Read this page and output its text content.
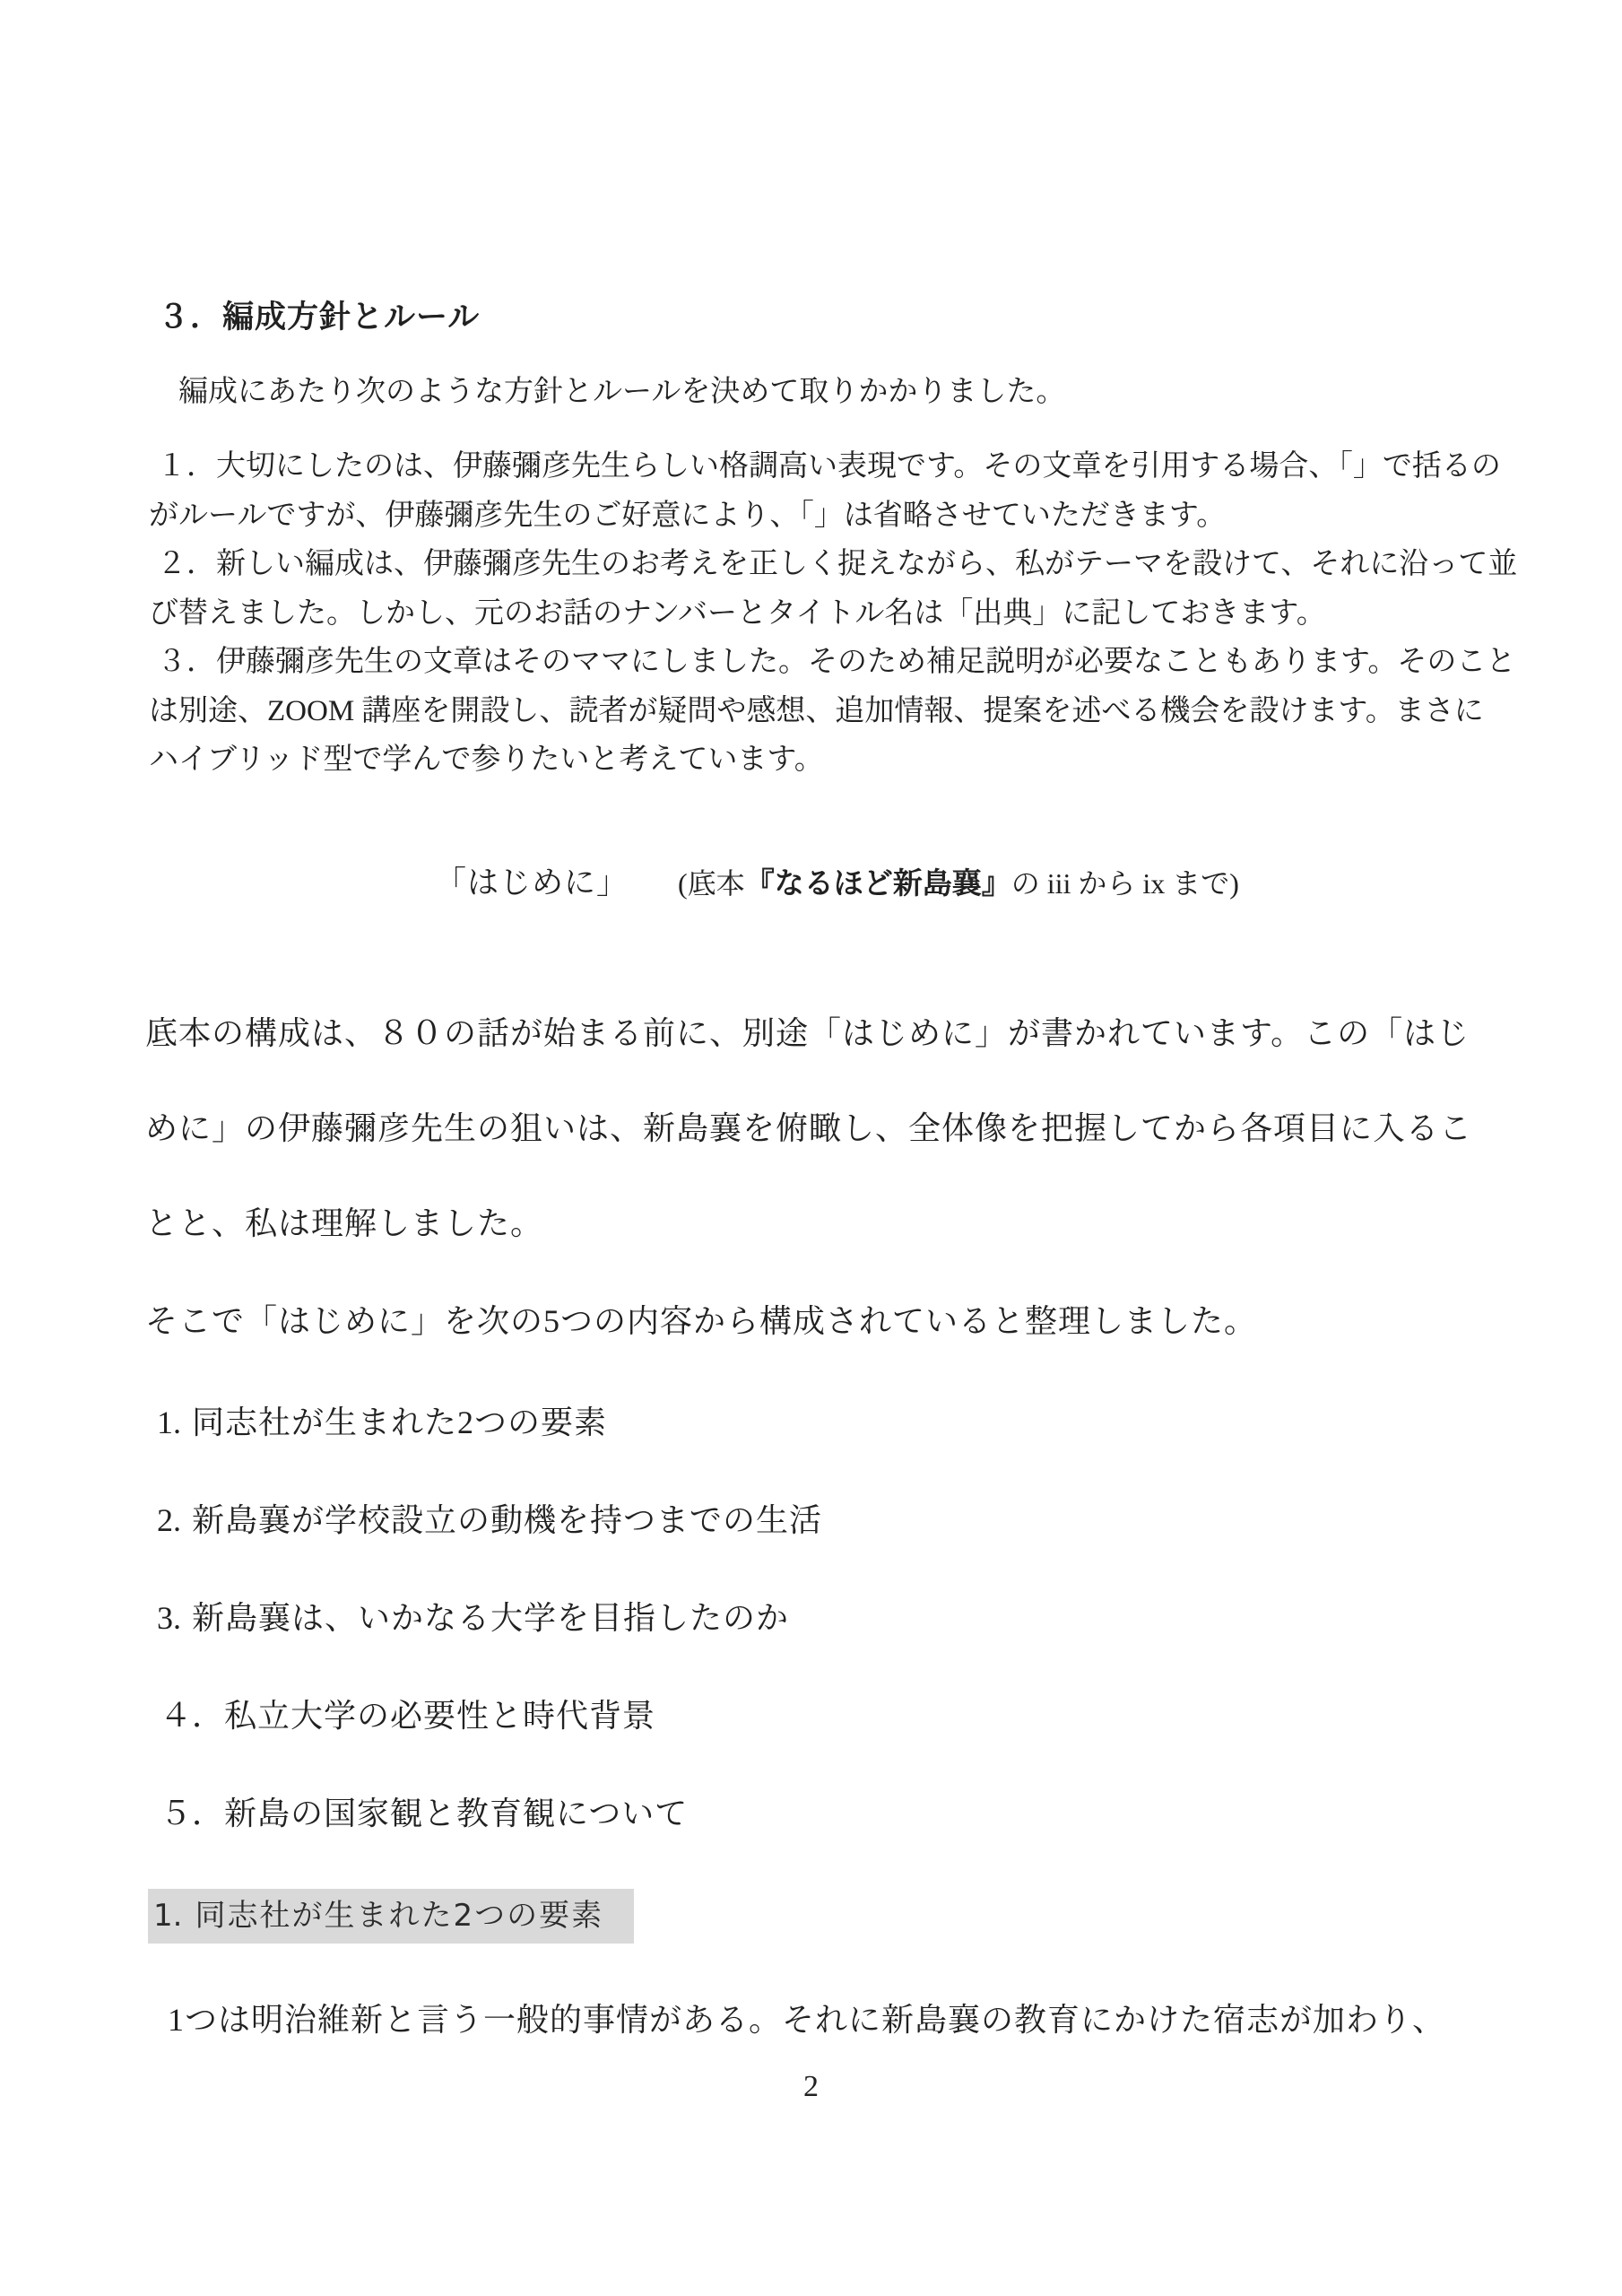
３．編成方針とルール

編成にあたり次のような方針とルールを決めて取りかかりました。

１．大切にしたのは、伊藤彌彦先生らしい格調高い表現です。その文章を引用する場合、「」で括るの
がルールですが、伊藤彌彦先生のご好意により、「」は省略させていただきます。
２．新しい編成は、伊藤彌彦先生のお考えを正しく捉えながら、私がテーマを設けて、それに沿って並
び替えました。しかし、元のお話のナンバーとタイトル名は「出典」に記しておきます。
３．伊藤彌彦先生の文章はそのママにしました。そのため補足説明が必要なこともあります。そのこと
は別途、ZOOM 講座を開設し、読者が疑問や感想、追加情報、提案を述べる機会を設けます。まさに
ハイブリッド型で学んで参りたいと考えています。
「はじめに」 (底本『なるほど新島襄』の iii から ix まで)
底本の構成は、８０の話が始まる前に、別途「はじめに」が書かれています。この「はじ
めに」の伊藤彌彦先生の狙いは、新島襄を俯瞰し、全体像を把握してから各項目に入るこ
とと、私は理解しました。

そこで「はじめに」を次の5つの内容から構成されていると整理しました。

1. 同志社が生まれた2つの要素
2. 新島襄が学校設立の動機を持つまでの生活
3. 新島襄は、いかなる大学を目指したのか
４．私立大学の必要性と時代背景
５．新島の国家観と教育観について
1. 同志社が生まれた2つの要素

1つは明治維新と言う一般的事情がある。それに新島襄の教育にかけた宿志が加わり、

2
